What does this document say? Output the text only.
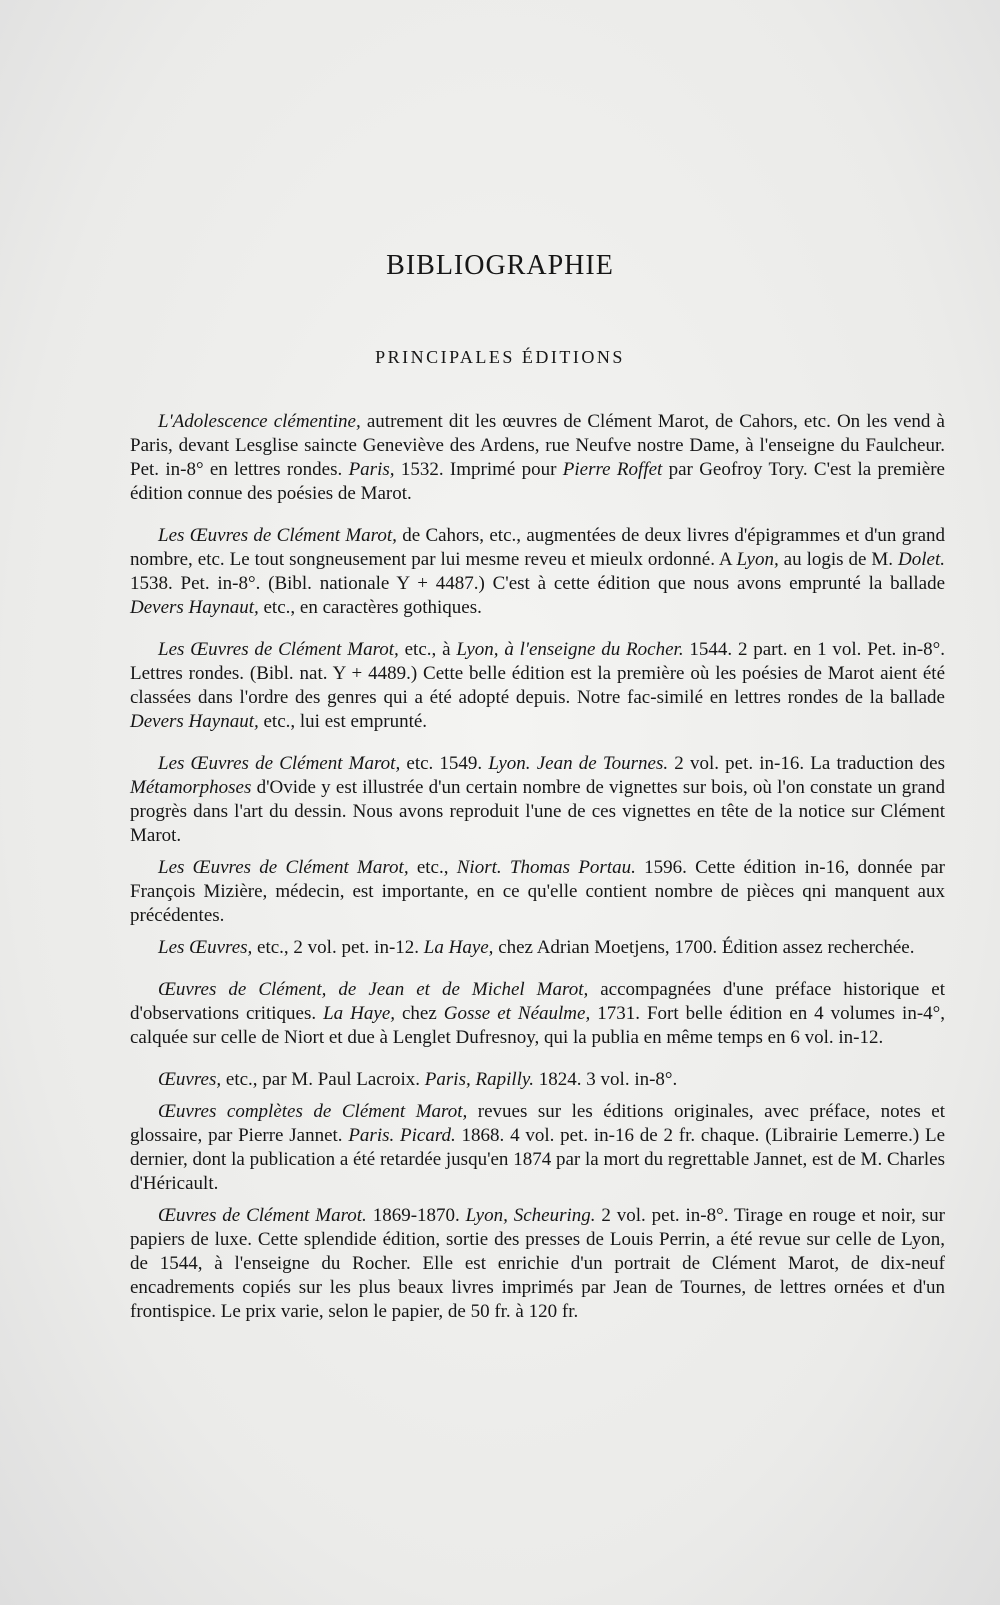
BIBLIOGRAPHIE
PRINCIPALES ÉDITIONS

L'Adolescence clémentine, autrement dit les œuvres de Clément Marot, de Cahors, etc. On les vend à Paris, devant Lesglise saincte Geneviève des Ardens, rue Neufve nostre Dame, à l'enseigne du Faulcheur. Pet. in-8° en lettres rondes. Paris, 1532. Imprimé pour Pierre Roffet par Geofroy Tory. C'est la première édition connue des poésies de Marot.

Les Œuvres de Clément Marot, de Cahors, etc., augmentées de deux livres d'épigrammes et d'un grand nombre, etc. Le tout songneusement par lui mesme reveu et mieulx ordonné. A Lyon, au logis de M. Dolet. 1538. Pet. in-8°. (Bibl. nationale Y + 4487.) C'est à cette édition que nous avons emprunté la ballade Devers Haynaut, etc., en caractères gothiques.

Les Œuvres de Clément Marot, etc., à Lyon, à l'enseigne du Rocher. 1544. 2 part. en 1 vol. Pet. in-8°. Lettres rondes. (Bibl. nat. Y + 4489.) Cette belle édition est la première où les poésies de Marot aient été classées dans l'ordre des genres qui a été adopté depuis. Notre fac-similé en lettres rondes de la ballade Devers Haynaut, etc., lui est emprunté.

Les Œuvres de Clément Marot, etc. 1549. Lyon. Jean de Tournes. 2 vol. pet. in-16. La traduction des Métamorphoses d'Ovide y est illustrée d'un certain nombre de vignettes sur bois, où l'on constate un grand progrès dans l'art du dessin. Nous avons reproduit l'une de ces vignettes en tête de la notice sur Clément Marot.

Les Œuvres de Clément Marot, etc., Niort. Thomas Portau. 1596. Cette édition in-16, donnée par François Mizière, médecin, est importante, en ce qu'elle contient nombre de pièces qni manquent aux précédentes.

Les Œuvres, etc., 2 vol. pet. in-12. La Haye, chez Adrian Moetjens, 1700. Édition assez recherchée.

Œuvres de Clément, de Jean et de Michel Marot, accompagnées d'une préface historique et d'observations critiques. La Haye, chez Gosse et Néaulme, 1731. Fort belle édition en 4 volumes in-4°, calquée sur celle de Niort et due à Lenglet Dufresnoy, qui la publia en même temps en 6 vol. in-12.

Œuvres, etc., par M. Paul Lacroix. Paris, Rapilly. 1824. 3 vol. in-8°.

Œuvres complètes de Clément Marot, revues sur les éditions originales, avec préface, notes et glossaire, par Pierre Jannet. Paris. Picard. 1868. 4 vol. pet. in-16 de 2 fr. chaque. (Librairie Lemerre.) Le dernier, dont la publication a été retardée jusqu'en 1874 par la mort du regrettable Jannet, est de M. Charles d'Héricault.

Œuvres de Clément Marot. 1869-1870. Lyon, Scheuring. 2 vol. pet. in-8°. Tirage en rouge et noir, sur papiers de luxe. Cette splendide édition, sortie des presses de Louis Perrin, a été revue sur celle de Lyon, de 1544, à l'enseigne du Rocher. Elle est enrichie d'un portrait de Clément Marot, de dix-neuf encadrements copiés sur les plus beaux livres imprimés par Jean de Tournes, de lettres ornées et d'un frontispice. Le prix varie, selon le papier, de 50 fr. à 120 fr.
